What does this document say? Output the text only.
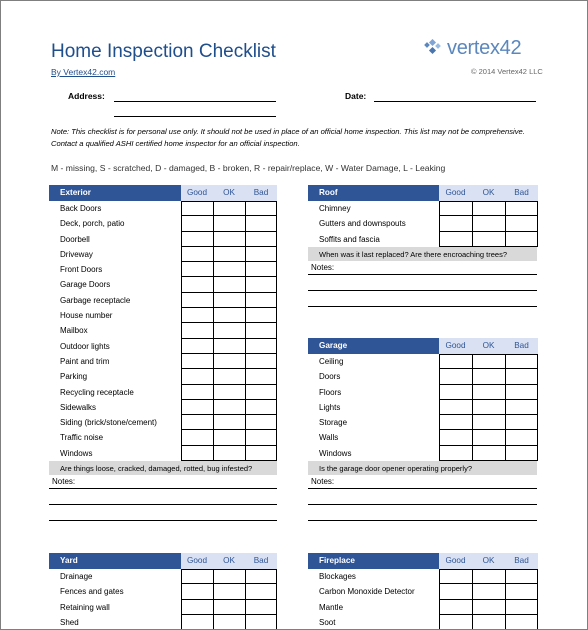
Home Inspection Checklist
By Vertex42.com
vertex42
© 2014 Vertex42 LLC
Address:	Date:
Note: This checklist is for personal use only. It should not be used in place of an official home inspection. This list may not be comprehensive. Contact a qualified ASHI certified home inspector for an official inspection.
M - missing, S - scratched, D - damaged, B - broken, R - repair/replace, W - Water Damage, L - Leaking
Exterior	Good	OK	Bad
Back Doors
Deck, porch, patio
Doorbell
Driveway
Front Doors
Garage Doors
Garbage receptacle
House number
Mailbox
Outdoor lights
Paint and trim
Parking
Recycling receptacle
Sidewalks
Siding (brick/stone/cement)
Traffic noise
Windows
Are things loose, cracked, damaged, rotted, bug infested?
Notes:
Roof	Good	OK	Bad
Chimney
Gutters and downspouts
Soffits and fascia
When was it last replaced? Are there encroaching trees?
Notes:
Garage	Good	OK	Bad
Ceiling
Doors
Floors
Lights
Storage
Walls
Windows
Is the garage door opener operating properly?
Notes:
Yard	Good	OK	Bad
Drainage
Fences and gates
Retaining wall
Shed
Fireplace	Good	OK	Bad
Blockages
Carbon Monoxide Detector
Mantle
Soot
